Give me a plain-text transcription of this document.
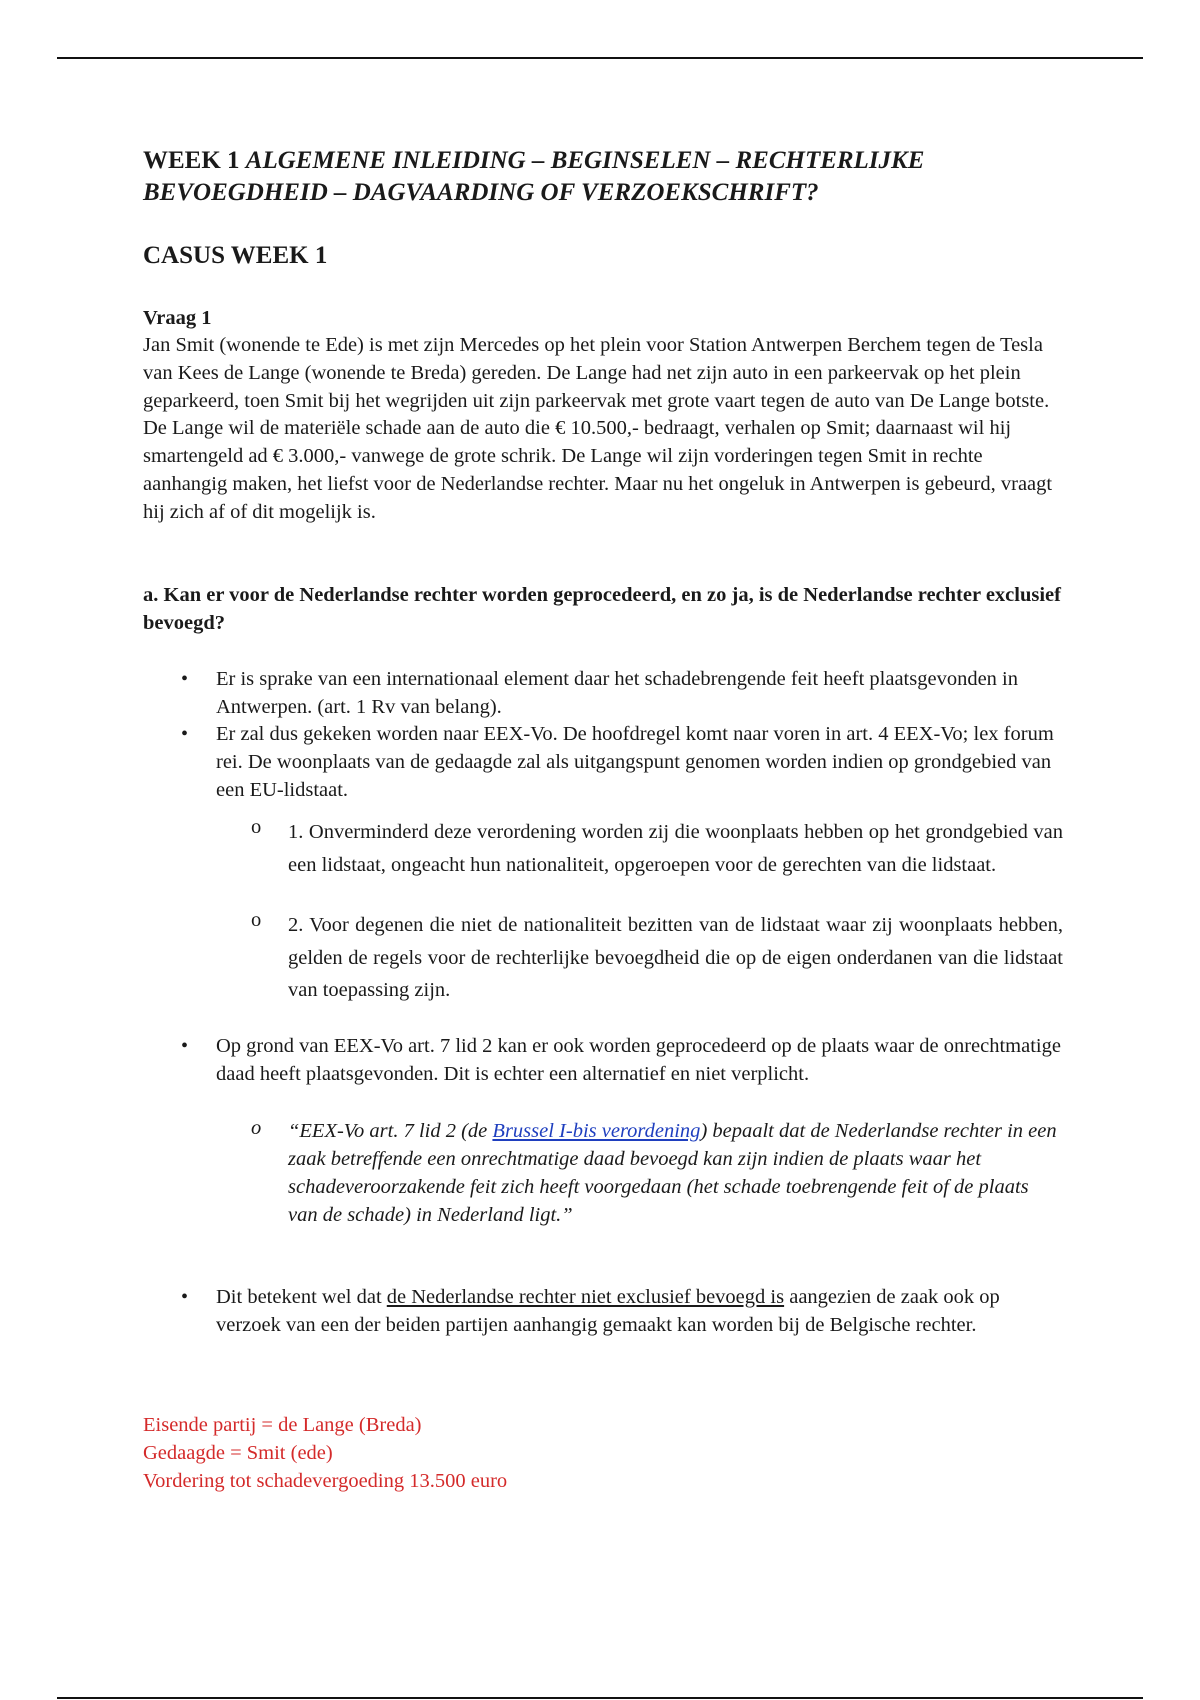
WEEK 1 ALGEMENE INLEIDING – BEGINSELEN – RECHTERLIJKE
BEVOEGDHEID – DAGVAARDING OF VERZOEKSCHRIFT?
CASUS WEEK 1

Vraag 1

Jan Smit (wonende te Ede) is met zijn Mercedes op het plein voor Station Antwerpen Berchem tegen de Tesla van Kees de Lange (wonende te Breda) gereden. De Lange had net zijn auto in een parkeervak op het plein geparkeerd, toen Smit bij het wegrijden uit zijn parkeervak met grote vaart tegen de auto van De Lange botste.

De Lange wil de materiële schade aan de auto die € 10.500,- bedraagt, verhalen op Smit; daarnaast wil hij smartengeld ad € 3.000,- vanwege de grote schrik. De Lange wil zijn vorderingen tegen Smit in rechte aanhangig maken, het liefst voor de Nederlandse rechter. Maar nu het ongeluk in Antwerpen is gebeurd, vraagt hij zich af of dit mogelijk is.

a. Kan er voor de Nederlandse rechter worden geprocedeerd, en zo ja, is de Nederlandse rechter exclusief bevoegd?

• Er is sprake van een internationaal element daar het schadebrengende feit heeft plaatsgevonden in Antwerpen. (art. 1 Rv van belang).
• Er zal dus gekeken worden naar EEX-Vo. De hoofdregel komt naar voren in art. 4 EEX-Vo; lex forum rei. De woonplaats van de gedaagde zal als uitgangspunt genomen worden indien op grondgebied van een EU-lidstaat.
o 1. Onverminderd deze verordening worden zij die woonplaats hebben op het grondgebied van een lidstaat, ongeacht hun nationaliteit, opgeroepen voor de gerechten van die lidstaat.
o 2. Voor degenen die niet de nationaliteit bezitten van de lidstaat waar zij woonplaats hebben, gelden de regels voor de rechterlijke bevoegdheid die op de eigen onderdanen van die lidstaat van toepassing zijn.
• Op grond van EEX-Vo art. 7 lid 2 kan er ook worden geprocedeerd op de plaats waar de onrechtmatige daad heeft plaatsgevonden. Dit is echter een alternatief en niet verplicht.
o “EEX-Vo art. 7 lid 2 (de Brussel I-bis verordening) bepaalt dat de Nederlandse rechter in een zaak betreffende een onrechtmatige daad bevoegd kan zijn indien de plaats waar het schadeveroorzakende feit zich heeft voorgedaan (het schade toebrengende feit of de plaats van de schade) in Nederland ligt.”
• Dit betekent wel dat de Nederlandse rechter niet exclusief bevoegd is aangezien de zaak ook op verzoek van een der beiden partijen aanhangig gemaakt kan worden bij de Belgische rechter.
Eisende partij = de Lange (Breda)
Gedaagde = Smit (ede)
Vordering tot schadevergoeding 13.500 euro
